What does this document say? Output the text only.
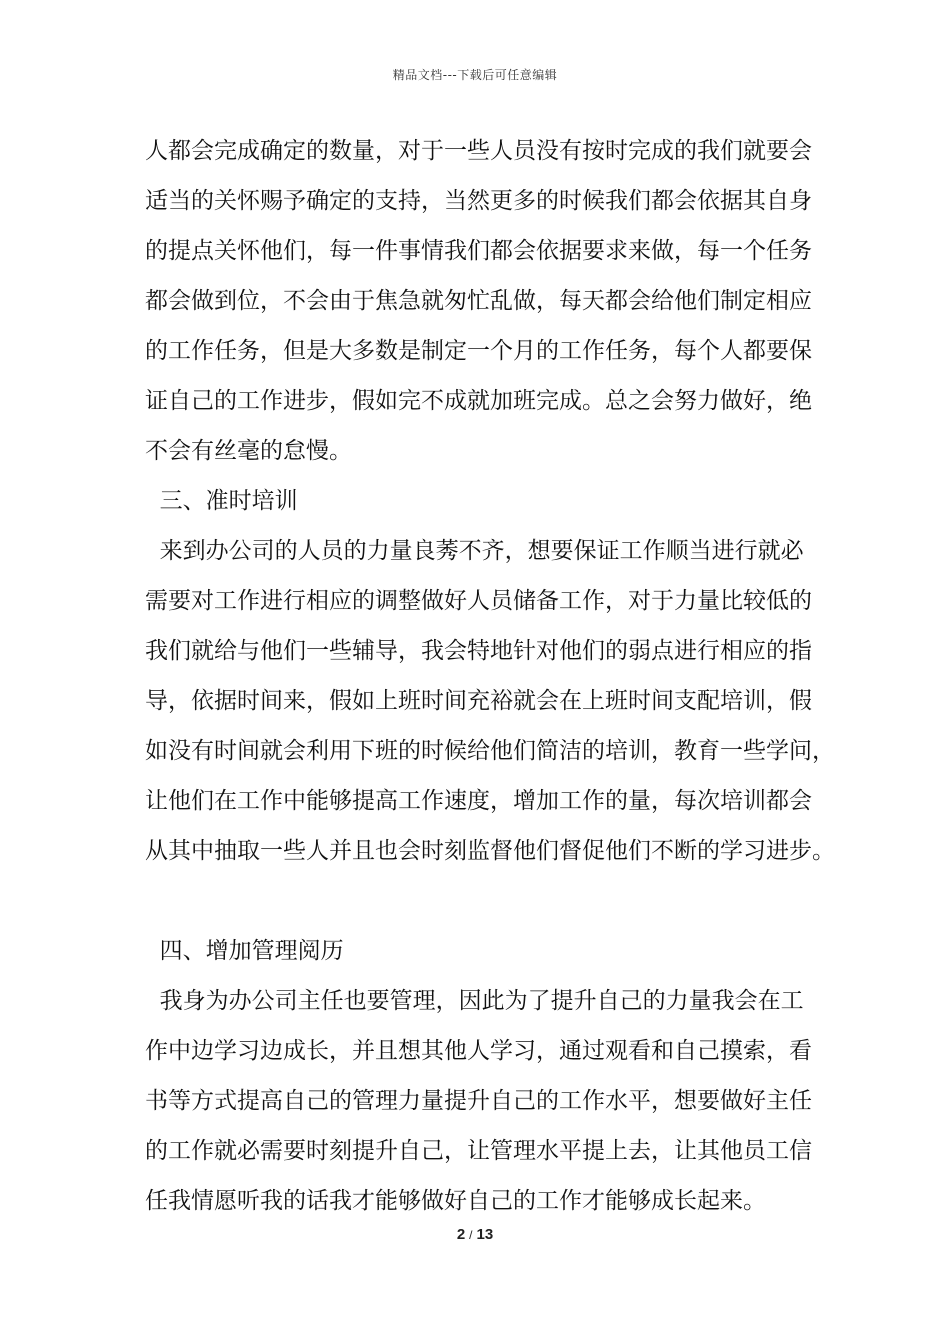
精品文档---下载后可任意编辑
人都会完成确定的数量，对于一些人员没有按时完成的我们就要会
适当的关怀赐予确定的支持，当然更多的时候我们都会依据其自身
的提点关怀他们，每一件事情我们都会依据要求来做，每一个任务
都会做到位，不会由于焦急就匆忙乱做，每天都会给他们制定相应
的工作任务，但是大多数是制定一个月的工作任务，每个人都要保
证自己的工作进步，假如完不成就加班完成。总之会努力做好，绝
不会有丝毫的怠慢。
三、准时培训
来到办公司的人员的力量良莠不齐，想要保证工作顺当进行就必
需要对工作进行相应的调整做好人员储备工作，对于力量比较低的
我们就给与他们一些辅导，我会特地针对他们的弱点进行相应的指
导，依据时间来，假如上班时间充裕就会在上班时间支配培训，假
如没有时间就会利用下班的时候给他们简洁的培训，教育一些学问，
让他们在工作中能够提高工作速度，增加工作的量，每次培训都会
从其中抽取一些人并且也会时刻监督他们督促他们不断的学习进步。
四、增加管理阅历
我身为办公司主任也要管理，因此为了提升自己的力量我会在工
作中边学习边成长，并且想其他人学习，通过观看和自己摸索，看
书等方式提高自己的管理力量提升自己的工作水平，想要做好主任
的工作就必需要时刻提升自己，让管理水平提上去，让其他员工信
任我情愿听我的话我才能够做好自己的工作才能够成长起来。
2 / 13
